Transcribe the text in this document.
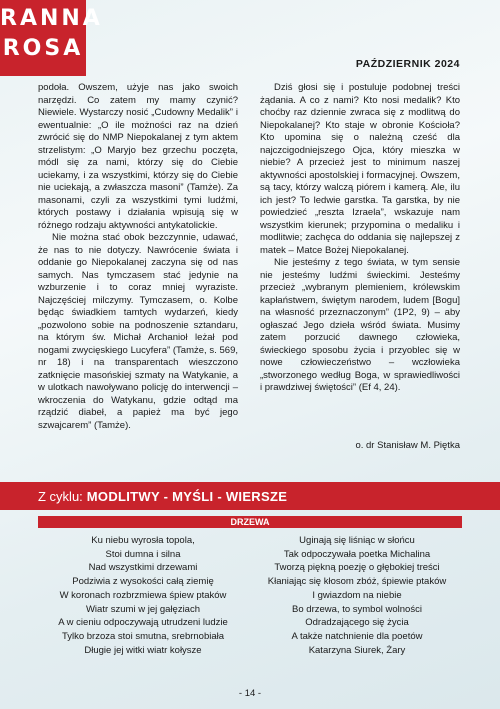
RANNA
ROSA
PAŹDZIERNIK 2024

podoła. Owszem, użyje nas jako swoich narzędzi. Co zatem my mamy czynić? Niewiele. Wystarczy nosić „Cudowny Medalik” i ewentualnie: „O ile możności raz na dzień zwrócić się do NMP Niepokalanej z tym aktem strzelistym: „O Maryjo bez grzechu poczęta, módl się za nami, którzy się do Ciebie uciekamy, i za wszystkimi, którzy się do Ciebie nie uciekają, a zwłaszcza masoni” (Tamże). Za masonami, czyli za wszystkimi tymi ludźmi, których postawy i działania wpisują się w różnego rodzaju aktywności antykatolickie.

Nie można stać obok bezczynnie, udawać, że nas to nie dotyczy. Nawrócenie świata i oddanie go Niepokalanej zaczyna się od nas samych. Nas tymczasem stać jedynie na wzburzenie i to coraz mniej wyraziste. Najczęściej milczymy. Tymczasem, o. Kolbe będąc świadkiem tamtych wydarzeń, kiedy „pozwolono sobie na podnoszenie sztandaru, na którym św. Michał Archanioł leżał pod nogami zwycięskiego Lucyfera” (Tamże, s. 569, nr 18) i na transparentach wieszczono zatknięcie masońskiej szmaty na Watykanie, a w ulotkach nawoływano policję do interwencji – wkroczenia do Watykanu, gdzie odtąd ma rządzić diabeł, a papież ma być jego szwajcarem” (Tamże).

Dziś głosi się i postuluje podobnej treści żądania. A co z nami? Kto nosi medalik? Kto choćby raz dziennie zwraca się z modlitwą do Niepokalanej? Kto staje w obronie Kościoła? Kto upomina się o należną cześć dla najczcigodniejszego Ojca, który mieszka w niebie? A przecież jest to minimum naszej aktywności apostolskiej i formacyjnej. Owszem, są tacy, którzy walczą piórem i kamerą. Ale, ilu ich jest? To ledwie garstka. Ta garstka, by nie powiedzieć „reszta Izraela”, wskazuje nam wszystkim kierunek; przypomina o medaliku i modlitwie; zachęca do oddania się najlepszej z matek – Matce Bożej Niepokalanej.

Nie jesteśmy z tego świata, w tym sensie nie jesteśmy ludźmi świeckimi. Jesteśmy przecież „wybranym plemieniem, królewskim kapłaństwem, świętym narodem, ludem [Bogu] na własność przeznaczonym” (1P2, 9) – aby ogłaszać Jego dzieła wśród świata. Musimy zatem porzucić dawnego człowieka, świeckiego sposobu życia i przyoblec się w nowe człowieczeństwo – wczłowieka „stworzonego według Boga, w sprawiedliwości i prawdziwej świętości” (Ef 4, 24).

o. dr Stanisław M. Piętka
Z cyklu: MODLITWY - MYŚLI - WIERSZE
DRZEWA
Ku niebu wyrosła topola,
Stoi dumna i silna
Nad wszystkimi drzewami
Podziwia z wysokości całą ziemię
W koronach rozbrzmiewa śpiew ptaków
Wiatr szumi w jej gałęziach
A w cieniu odpoczywają utrudzeni ludzie
Tylko brzoza stoi smutna, srebrnobiała
Długie jej witki wiatr kołysze
Uginają się liśniąc w słońcu
Tak odpoczywała poetka Michalina
Tworzą piękną poezję o głębokiej treści
Kłaniając się kłosom zbóż, śpiewie ptaków
I gwiazdom na niebie
Bo drzewa, to symbol wolności
Odradzającego się życia
A także natchnienie dla poetów
Katarzyna Siurek, Żary
- 14 -
